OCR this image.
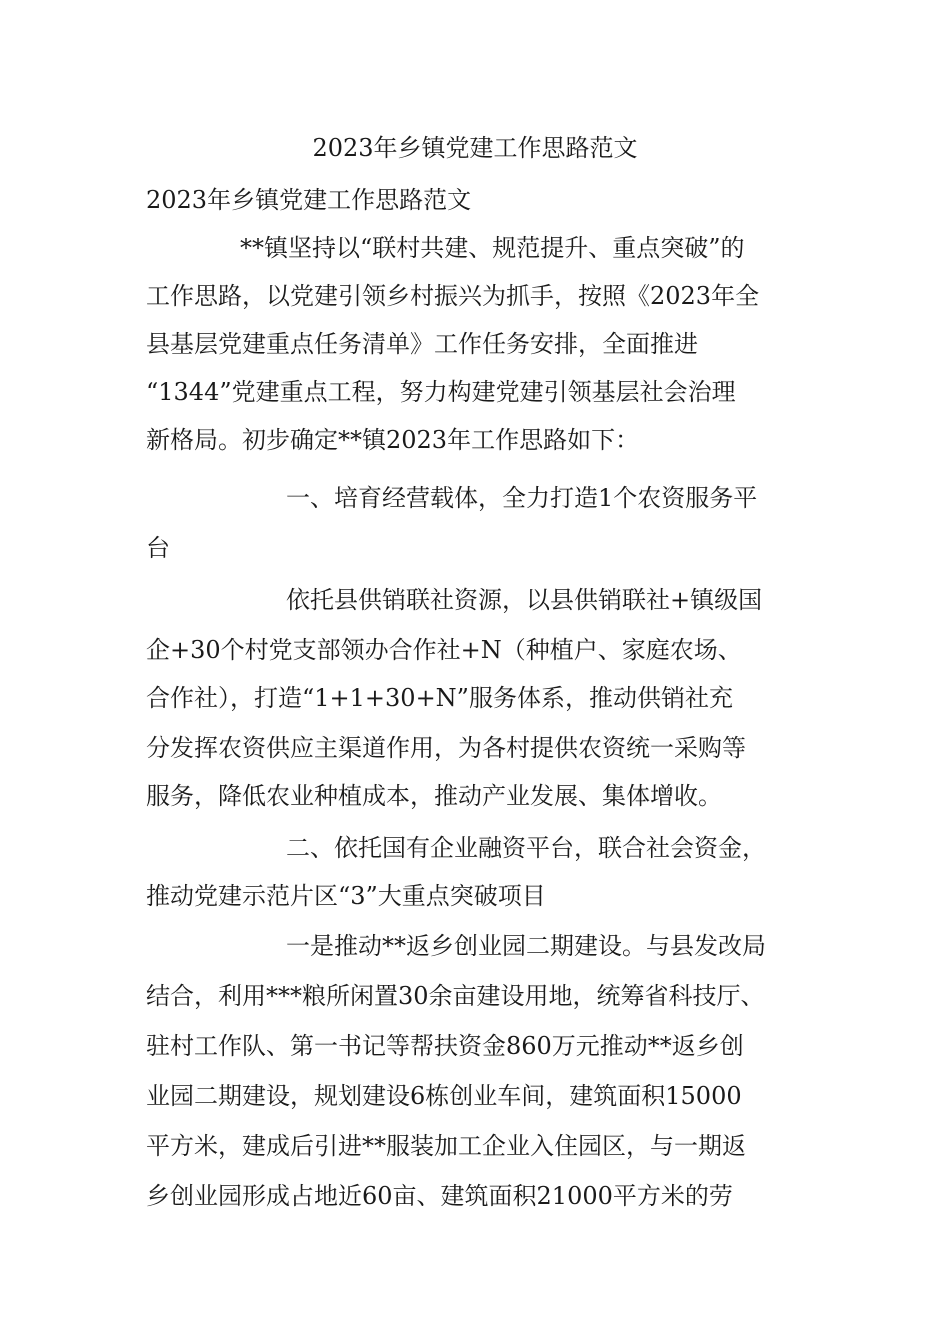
2023年乡镇党建工作思路范文
2023年乡镇党建工作思路范文
**镇坚持以“联村共建、规范提升、重点突破”的
工作思路，以党建引领乡村振兴为抓手，按照《2023年全
县基层党建重点任务清单》工作任务安排，全面推进
“1344”党建重点工程，努力构建党建引领基层社会治理
新格局。初步确定**镇2023年工作思路如下：
一、培育经营载体，全力打造1个农资服务平
台
依托县供销联社资源，以县供销联社+镇级国
企+30个村党支部领办合作社+N（种植户、家庭农场、
合作社），打造“1+1+30+N”服务体系，推动供销社充
分发挥农资供应主渠道作用，为各村提供农资统一采购等
服务，降低农业种植成本，推动产业发展、集体增收。
二、依托国有企业融资平台，联合社会资金，
推动党建示范片区“3”大重点突破项目
一是推动**返乡创业园二期建设。与县发改局
结合，利用***粮所闲置30余亩建设用地，统筹省科技厅、
驻村工作队、第一书记等帮扶资金860万元推动**返乡创
业园二期建设，规划建设6栋创业车间，建筑面积15000
平方米，建成后引进**服装加工企业入住园区，与一期返
乡创业园形成占地近60亩、建筑面积21000平方米的劳
